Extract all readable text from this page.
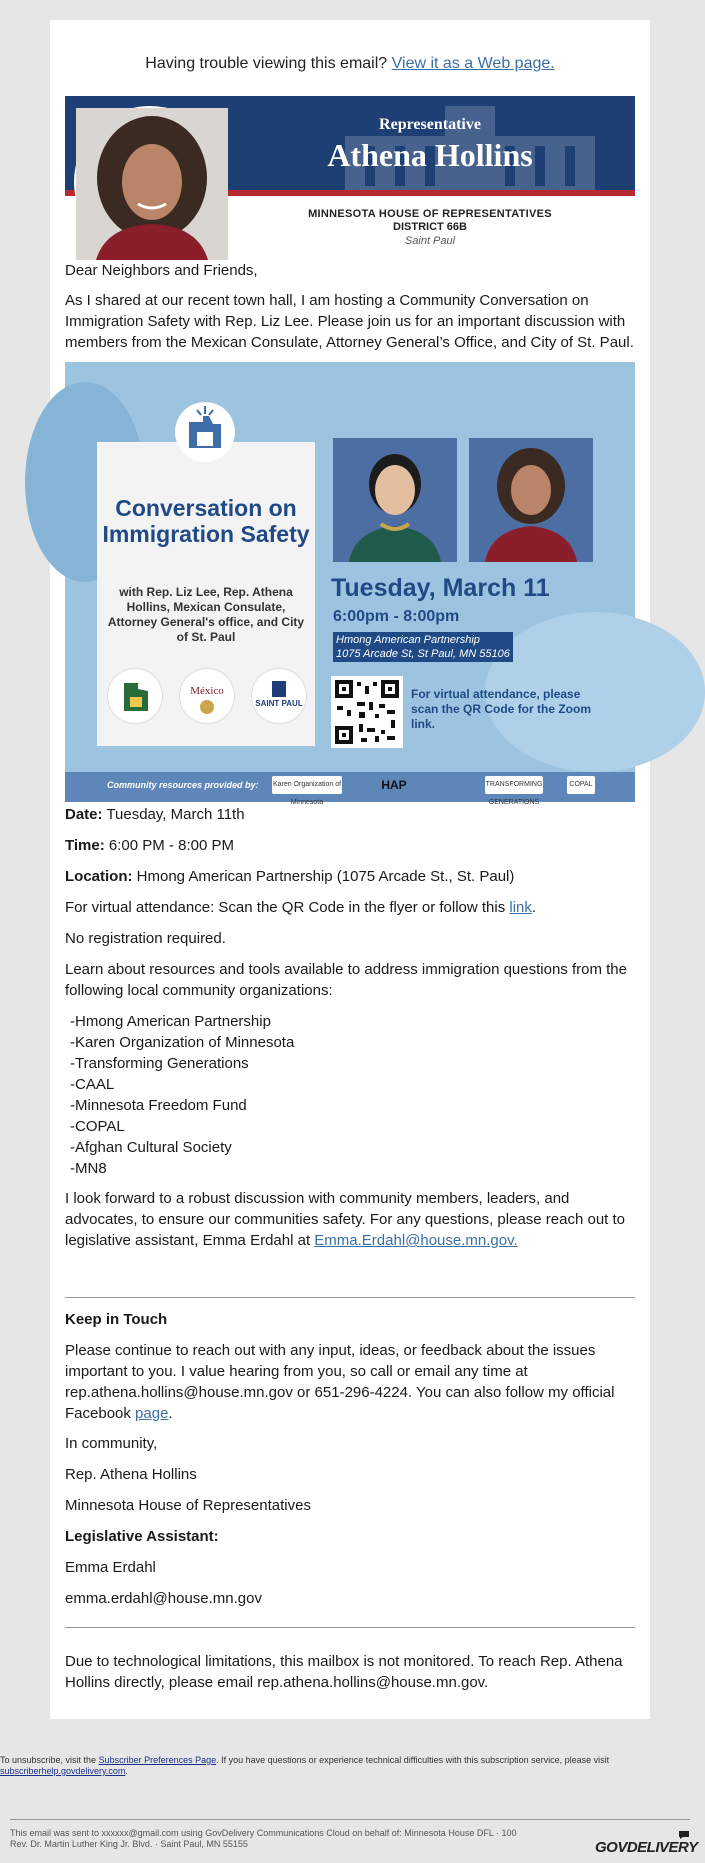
Having trouble viewing this email? View it as a Web page.
Representative
Athena Hollins
MINNESOTA HOUSE OF REPRESENTATIVES
DISTRICT 66B
Saint Paul
Dear Neighbors and Friends,
As I shared at our recent town hall, I am hosting a Community Conversation on Immigration Safety with Rep. Liz Lee. Please join us for an important discussion with members from the Mexican Consulate, Attorney General’s Office, and City of St. Paul.
Conversation on Immigration Safety
with Rep. Liz Lee, Rep. Athena Hollins, Mexican Consulate, Attorney General's office, and City of St. Paul
México
SAINT PAUL
Tuesday, March 11
6:00pm - 8:00pm
Hmong American Partnership
1075 Arcade St, St Paul, MN 55106
For virtual attendance, please scan the QR Code for the Zoom link.
Community resources provided by: Karen Organization of Minnesota
HAP	TRANSFORMING GENERATIONS
COPAL
Date: Tuesday, March 11th
Time: 6:00 PM - 8:00 PM
Location: Hmong American Partnership (1075 Arcade St., St. Paul)
For virtual attendance: Scan the QR Code in the flyer or follow this link.
No registration required.
Learn about resources and tools available to address immigration questions from the following local community organizations:
-Hmong American Partnership
-Karen Organization of Minnesota
-Transforming Generations
-CAAL
-Minnesota Freedom Fund
-COPAL
-Afghan Cultural Society
-MN8
I look forward to a robust discussion with community members, leaders, and advocates, to ensure our communities safety. For any questions, please reach out to legislative assistant, Emma Erdahl at Emma.Erdahl@house.mn.gov.
Keep in Touch
Please continue to reach out with any input, ideas, or feedback about the issues important to you. I value hearing from you, so call or email any time at rep.athena.hollins@house.mn.gov or 651-296-4224. You can also follow my official Facebook page.
In community,
Rep. Athena Hollins
Minnesota House of Representatives
Legislative Assistant:
Emma Erdahl
emma.erdahl@house.mn.gov
Due to technological limitations, this mailbox is not monitored. To reach Rep. Athena Hollins directly, please email rep.athena.hollins@house.mn.gov.
To unsubscribe, visit the Subscriber Preferences Page. If you have questions or experience technical difficulties with this subscription service, please visit subscriberhelp.govdelivery.com.
This email was sent to xxxxxx@gmail.com using GovDelivery Communications Cloud on behalf of: Minnesota House DFL · 100
Rev. Dr. Martin Luther King Jr. Blvd. · Saint Paul, MN 55155	GOVDELIVERY
